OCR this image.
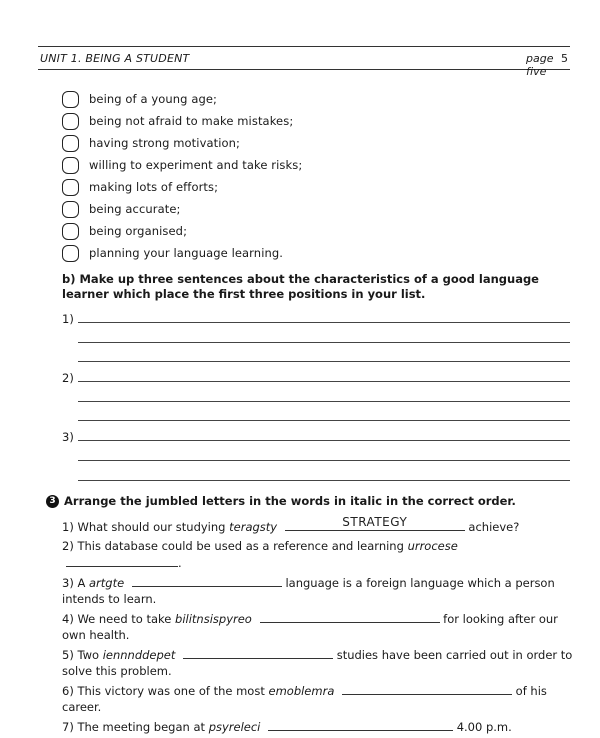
UNIT 1. BEING A STUDENT	page five
5
being of a young age;
being not afraid to make mistakes;
having strong motivation;
willing to experiment and take risks;
making lots of efforts;
being accurate;
being organised;
planning your language learning.
b) Make up three sentences about the characteristics of a good language learner which place the first three positions in your list.
1)
2)
3)
3 Arrange the jumbled letters in the words in italic in the correct order.
1) What should our studying teragsty	STRATEGY	achieve?
2) This database could be used as a reference and learning urrocese .
3) A artgte	language is a foreign language which a person intends to learn.
4) We need to take bilitnsispyreo	for looking after our own health.
5) Two iennnddepet	studies have been carried out in order to solve this problem.
6) This victory was one of the most emoblemra	of his career.
7) The meeting began at psyreleci	4.00 p.m.
